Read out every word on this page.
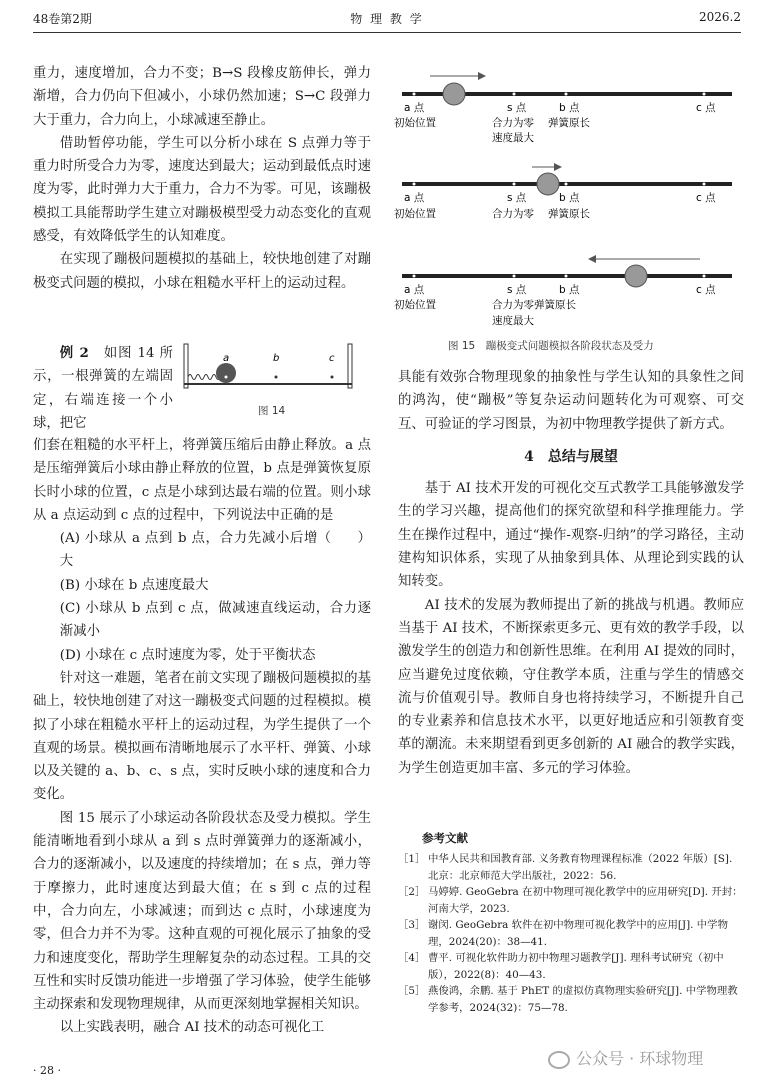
48卷第2期	物 理 教 学	2026.2

重力，速度增加，合力不变；B→S 段橡皮筋伸长，弹力渐增，合力仍向下但减小，小球仍然加速；S→C 段弹力大于重力，合力向上，小球减速至静止。

借助暂停功能，学生可以分析小球在 S 点弹力等于重力时所受合力为零，速度达到最大；运动到最低点时速度为零，此时弹力大于重力，合力不为零。可见，该蹦极模拟工具能帮助学生建立对蹦极模型受力动态变化的直观感受，有效降低学生的认知难度。

在实现了蹦极问题模拟的基础上，较快地创建了对蹦极变式问题的模拟，小球在粗糙水平杆上的运动过程。

例 2　 如图 14 所示，一根弹簧的左端固定，右端连接一个小球，把它

a	b	c
图 14

们套在粗糙的水平杆上，将弹簧压缩后由静止释放。a 点是压缩弹簧后小球由静止释放的位置，b 点是弹簧恢复原长时小球的位置，c 点是小球到达最右端的位置。则小球从 a 点运动到 c 点的过程中，下列说法中正确的是
（　　）

(A) 小球从 a 点到 b 点，合力先减小后增大

(B) 小球在 b 点速度最大

(C) 小球从 b 点到 c 点，做减速直线运动，合力逐渐减小

(D) 小球在 c 点时速度为零，处于平衡状态

针对这一难题，笔者在前文实现了蹦极问题模拟的基础上，较快地创建了对这一蹦极变式问题的过程模拟。模拟了小球在粗糙水平杆上的运动过程，为学生提供了一个直观的场景。模拟画布清晰地展示了水平杆、弹簧、小球以及关键的 a、b、c、s 点，实时反映小球的速度和合力变化。

图 15 展示了小球运动各阶段状态及受力模拟。学生能清晰地看到小球从 a 到 s 点时弹簧弹力的逐渐减小，合力的逐渐减小，以及速度的持续增加；在 s 点，弹力等于摩擦力，此时速度达到最大值；在 s 到 c 点的过程中，合力向左，小球减速；而到达 c 点时，小球速度为零，但合力并不为零。这种直观的可视化展示了抽象的受力和速度变化，帮助学生理解复杂的动态过程。工具的交互性和实时反馈功能进一步增强了学习体验，使学生能够主动探索和发现物理规律，从而更深刻地掌握相关知识。

以上实践表明，融合 AI 技术的动态可视化工

· 28 ·
a 点	s 点	b 点	c 点
初始位置	合力为零 弹簧原长
速度最大
a 点	s 点	b 点	c 点
初始位置	合力为零 弹簧原长
a 点	s 点	b 点	c 点
初始位置	合力为零弹簧原长
速度最大
图 15　蹦极变式问题模拟各阶段状态及受力

具能有效弥合物理现象的抽象性与学生认知的具象性之间的鸿沟，使“蹦极”等复杂运动问题转化为可观察、可交互、可验证的学习图景，为初中物理教学提供了新方式。

4　总结与展望

基于 AI 技术开发的可视化交互式教学工具能够激发学生的学习兴趣，提高他们的探究欲望和科学推理能力。学生在操作过程中，通过“操作-观察-归纳”的学习路径，主动建构知识体系，实现了从抽象到具体、从理论到实践的认知转变。

AI 技术的发展为教师提出了新的挑战与机遇。教师应当基于 AI 技术，不断探索更多元、更有效的教学手段，以激发学生的创造力和创新性思维。在利用 AI 提效的同时，应当避免过度依赖，守住教学本质，注重与学生的情感交流与价值观引导。教师自身也将持续学习，不断提升自己的专业素养和信息技术水平，以更好地适应和引领教育变革的潮流。未来期望看到更多创新的 AI 融合的教学实践，为学生创造更加丰富、多元的学习体验。

参考文献
［1］ 中华人民共和国教育部. 义务教育物理课程标准（2022 年版）[S]. 北京：北京师范大学出版社，2022：56.
［2］ 马婷婷. GeoGebra 在初中物理可视化教学中的应用研究[D]. 开封：河南大学，2023.
［3］ 谢闵. GeoGebra 软件在初中物理可视化教学中的应用[J]. 中学物理，2024(20)：38—41.
［4］ 曹平. 可视化软件助力初中物理习题教学[J]. 理科考试研究（初中版），2022(8)：40—43.
［5］ 燕俊鸿，余鹏. 基于 PhET 的虚拟仿真物理实验研究[J]. 中学物理教学参考，2024(32)：75—78.
公众号 · 环球物理
